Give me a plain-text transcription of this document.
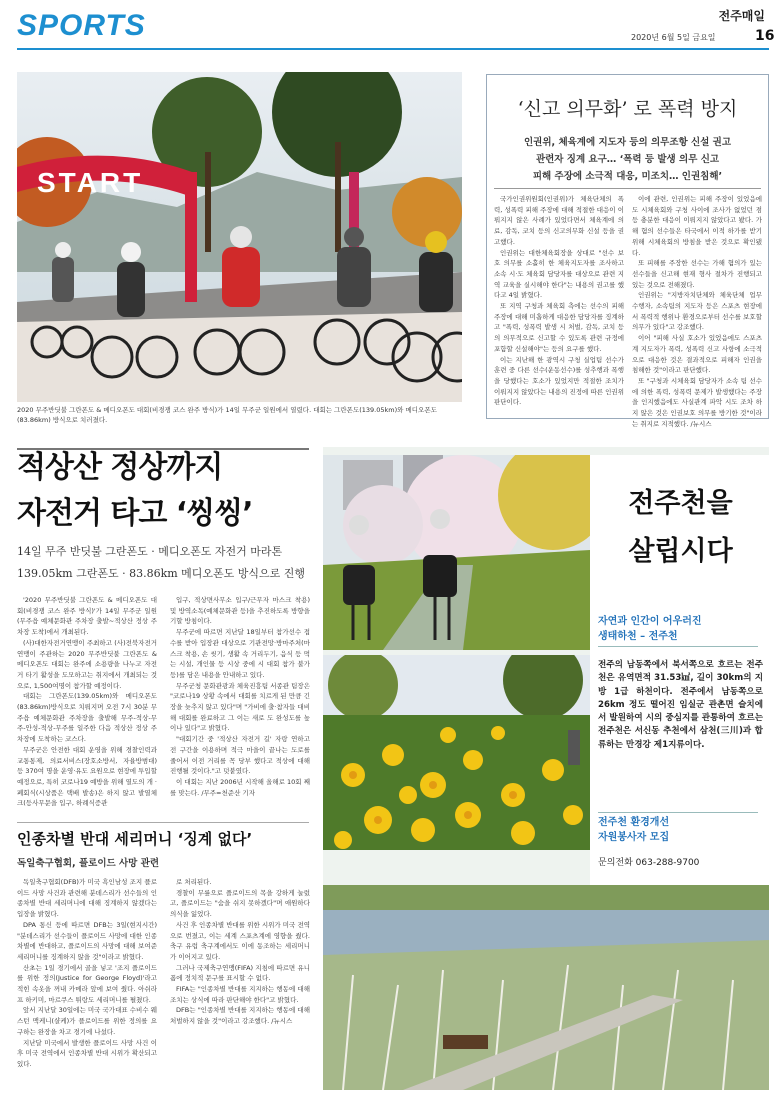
SPORTS	전주매일
2020년 6월 5일 금요일	16
START
2020 무주반딧불 그란폰도 & 메디오폰도 대회(비경쟁 코스 완주 방식)가 14일 무주군 일원에서 열렸다. 대회는 그란폰도(139.05km)와 메디오폰도(83.86km) 방식으로 치러졌다.
‘신고 의무화’ 로 폭력 방지
인권위, 체육계에 지도자 등의 의무조항 신설 권고
관련자 징계 요구… ‘폭력 등 발생 의무 신고
피해 주장에 소극적 대응, 미조치… 인권침해’

국가인권위원회(인권위)가 체육단체의 폭력, 성폭력 피해 주장에 대해 적절한 대응이 이뤄지지 않은 사례가 있었다면서 체육계에 의료, 감독, 코치 등의 신고의무화 신설 등을 권고했다.

인권위는 대한체육회장을 상대로 "선수 보호 의무를 소홀히 한 체육지도자를 조사하고 소속 시·도 체육회 담당자를 대상으로 관련 지역 교육을 실시해야 한다"는 내용의 권고를 했다고 4일 밝혔다.

또 지역 구청과 체육회 측에는 선수의 피해 주장에 대해 미흡하게 대응한 담당자를 징계하고 "폭력, 성폭력 발생 시 처벌, 감독, 코치 등의 의무적으로 신고할 수 있도록 관련 규정에 포함할 신설해야"는 등의 요구를 했다.

이는 지난해 한 광역시 구청 실업팀 선수가 훈련 중 다른 선수(운동선수)를 성추행과 폭행을 당했다는 호소가 있었지만 적절한 조치가 이뤄지지 않았다는 내용의 진정에 따른 인권위 판단이다.

이에 관련, 인권위는 피해 주장이 있었음에도 시체육회와 구청 사이에 조사가 없었던 점 등 충분한 대응이 이뤄지지 않았다고 봤다. 가해 혐의 선수들은 타국에서 이적 하가를 받기 위해 시체육회의 방침을 받은 것으로 확인됐다.

또 피해를 주장한 선수는 가해 혐의가 있는 선수들을 신고해 현재 형사 절차가 진행되고 있는 것으로 전해졌다.

인권위는 "지방자치단체와 체육단체 업무 수행자, 소속팀의 지도자 등은 스포츠 현장에서 폭력적 행위나 환경으로부터 선수를 보호할 의무가 있다"고 강조했다.

이어 "피해 사실 호소가 있었음에도 스포츠계 지도자가 폭력, 성폭력 신고 사항에 소극적으로 대응한 것은 결과적으로 피해자 인권을 침해한 것"이라고 판단했다.

또 "구청과 시체육회 담당자가 소속 팀 선수에 의한 폭력, 성폭력 문제가 발생했다는 주장을 인지했음에도 사실관계 파악 시도 조차 하지 않은 것은 인권보호 의무를 방기한 것"이라는 취지로 지적했다. /뉴시스

적상산 정상까지
자전거 타고 ‘씽씽’
14일 무주 반딧불 그란폰도 · 메디오폰도 자전거 마라톤
139.05km 그란폰도 · 83.86km 메디오폰도 방식으로 진행

'2020 무주반딧불 그란폰도 & 메디오폰도 대회(비경쟁 코스 완주 방식)'가 14일 무주군 일원(무주읍 예체문화관 주차장 출발~적상산 정상 주차장 도착)에서 개최된다.

(사)대한자전거연맹이 주최하고 (사)전북자전거연맹이 주관하는 2020 무주반딧불 그란폰도 & 메디오폰도 대회는 완주에 소용량을 나누고 자전거 타기 활성을 도모하고는 취지에서 개최되는 것으로, 1,500여명이 참가할 예정이다.

대회는 그란폰도(139.05km)와 메디오폰도(83.86km)방식으로 치뤄지며 오전 7시 30분 무주읍 예체문화관 주차장을 출발해 무주-적상-무주-안성-적상-무주를 일주한 다음 적상산 정상 주차장에 도착하는 코스다.

무주군은 안전한 대회 운영을 위해 경찰인력과 교통통제, 의료서비스(장호소방서, 자율방범대) 등 370여 명을 운영·유도 요원으로 현장에 투입할 예정으로, 특히 코로나19 예방을 위해 열도의 개 · 폐회식(시상품은 택배 발송)은 하지 않고 발열체크(등사무문을 입구, 하례식증관

입구, 적상면사무소 입구/근무자 마스크 착용) 및 방역소독(예체문화관 등)을 추진하도록 방향을 기할 방침이다.

무주군에 따르면 지난달 18일부터 참가선수 접수를 받아 입장관 대상으로 기관전망·방마주처(마스크 착용, 손 씻기, 생활 속 거리두기, 음식 등 먹는 시설, 개인물 등 시상 중에 시 대회 참가 불가 등)를 담은 내용을 안내하고 있다.

무주군청 문화관광과 체육진흥팀 서종관 팀장은 "코로나19 상황 속에서 대회를 치르게 된 만큼 긴장을 늦추지 않고 있다"며 "가비에 출·참자들 대비해 대회를 완료하고 그 이는 새로 도 완성도를 높이나 있다"고 밝혔다.

"대회기간 중 '적상산 자전거 길' 자랑 연하고 전 구간을 이용하며 적극 마을이 끝나는 도로를 줄어서 이전 거리를 꼭 당부 했다고 적상에 대해 진행될 것이다."고 덧붙였다.

이 대회는 지난 2006년 시작해 올해로 10회 째를 맞는다. /무주=천준산 기자

인종차별 반대 세리머니 ‘징계 없다’
독일축구협회, 플로이드 사망 관련

독일축구협회(DFB)가 미국 흑인남성 조지 플로이드 사망 사건과 관련해 분데스리가 선수들의 인종차별 반대 세리머니에 대해 징계하지 않겠다는 입장을 밝혔다.

DPA 통신 등에 따르면 DFB는 3일(현지시간) "분데스리가 선수들이 플로이드 사망에 대한 인종차별에 반대하고, 플로이드의 사망에 대해 보여준 세리머니를 징계하지 않을 것"이라고 밝혔다.

산초는 1일 경기에서 골을 넣고 '조지 플로이드를 위한 정의(Justice for George Floyd)'라고 적힌 속옷을 꺼내 카메라 앞에 보여 줬다. 아쉬라프 하키미, 마르쿠스 튀랑도 세리머니를 펼쳤다.

앞서 지난달 30일에는 미국 국가대표 수비수 웨스턴 맥케니(샬케)가 플로이드를 위한 정의를 요구하는 완장을 차고 경기에 나섰다.

지난달 미국에서 발생한 플로이드 사망 사건 이후 미국 전역에서 인종차별 반대 시위가 확산되고 있다.

로 처리된다.

경찰이 무릎으로 플로이드의 목을 강하게 눌렀고, 플로이드는 "숨을 쉬지 못하겠다"며 애원하다 의식을 잃었다.

사건 후 인종차별 반대를 위한 시위가 미국 전역으로 번졌고, 이는 세계 스포츠계에 영향을 줬다. 축구 유럽 축구계에서도 이에 동조하는 세리머니가 이어지고 있다.

그러나 국제축구연맹(FIFA) 지침에 따르면 유니폼에 정치적 문구를 표시할 수 없다.

FIFA는 "인종차별 반대를 지지하는 행동에 대해 조치는 상식에 따라 판단해야 한다"고 밝혔다.

DFB는 "인종차별 반대를 지지하는 행동에 대해 처벌하지 않을 것"이라고 강조했다. /뉴시스

전주천을
살립시다
자연과 인간이 어우러진
생태하천 – 전주천
전주의 남동쪽에서 북서쪽으로 흐르는 전주천은 유역면적 31.53㎢, 길이 30km의 지방 1급 하천이다. 전주에서 남동쪽으로 26km 정도 떨어진 임실군 관촌면 슬치에서 발원하여 시의 중심지를 관통하여 흐르는 전주천은 서신동 추천에서 삼천(三川)과 합류하는 만경강 제1지류이다.
전주천 환경개선
자원봉사자 모집
문의전화 063-288-9700
